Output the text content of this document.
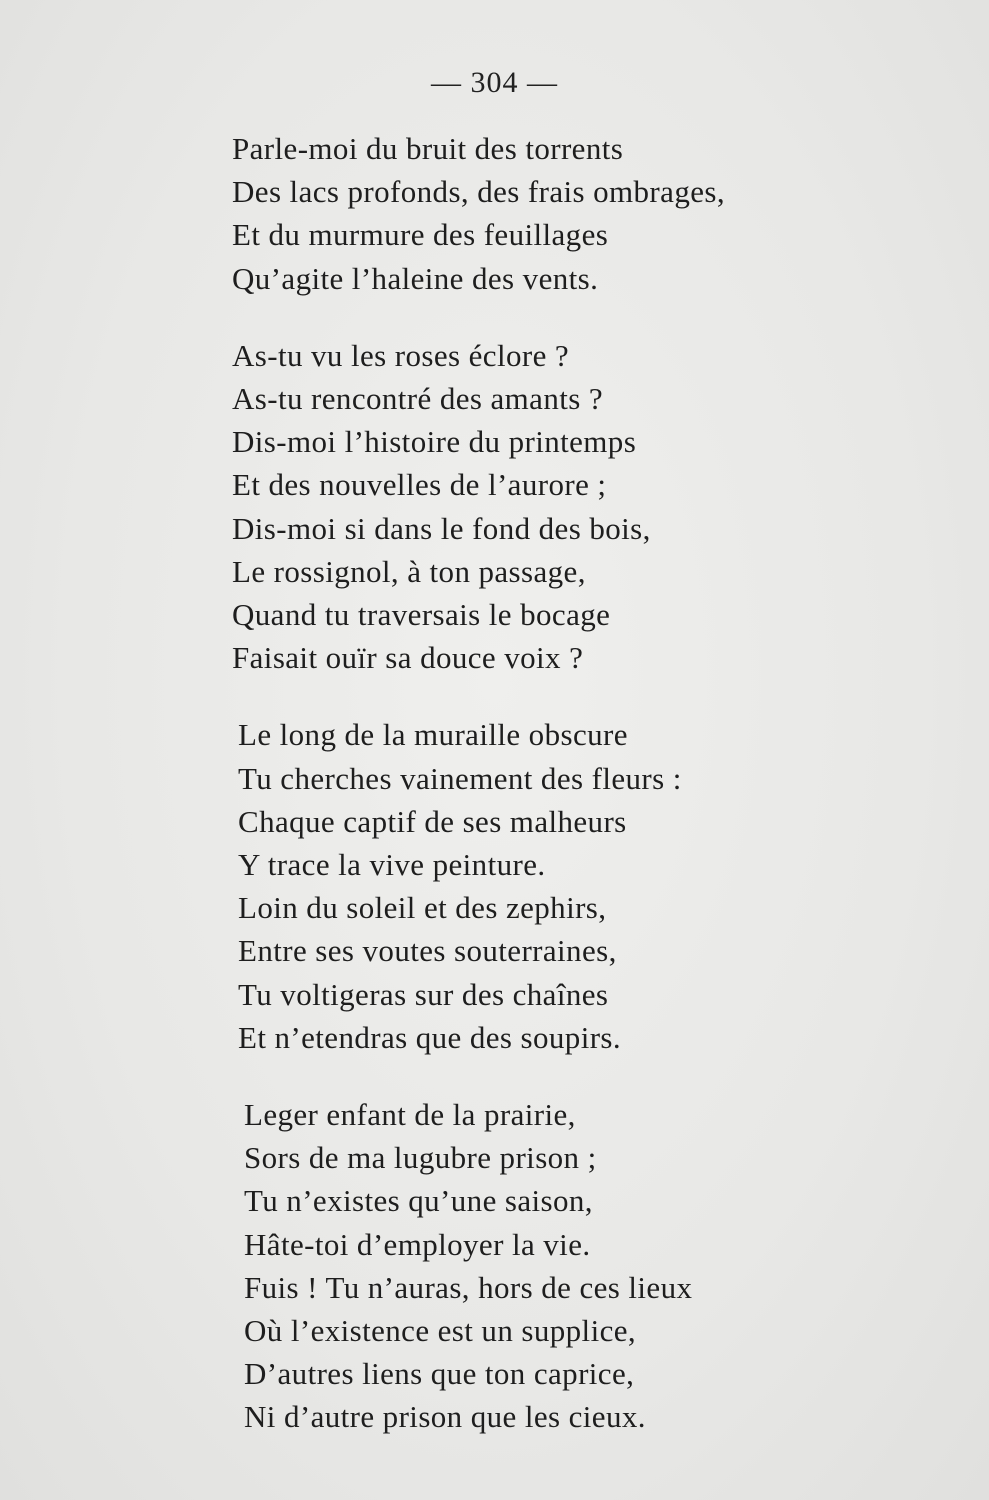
— 304 —
Parle-moi du bruit des torrents
Des lacs profonds, des frais ombrages,
Et du murmure des feuillages
Qu’agite l’haleine des vents.
As-tu vu les roses éclore ?
As-tu rencontré des amants ?
Dis-moi l’histoire du printemps
Et des nouvelles de l’aurore ;
Dis-moi si dans le fond des bois,
Le rossignol, à ton passage,
Quand tu traversais le bocage
Faisait ouïr sa douce voix ?
Le long de la muraille obscure
Tu cherches vainement des fleurs :
Chaque captif de ses malheurs
Y trace la vive peinture.
Loin du soleil et des zephirs,
Entre ses voutes souterraines,
Tu voltigeras sur des chaînes
Et n’etendras que des soupirs.
Leger enfant de la prairie,
Sors de ma lugubre prison ;
Tu n’existes qu’une saison,
Hâte-toi d’employer la vie.
Fuis ! Tu n’auras, hors de ces lieux
Où l’existence est un supplice,
D’autres liens que ton caprice,
Ni d’autre prison que les cieux.
